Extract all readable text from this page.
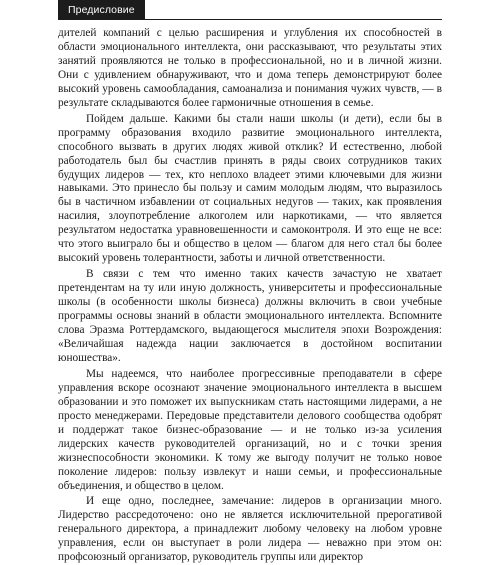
Предисловие

дителей компаний с целью расширения и углубления их способностей в области эмоционального интеллекта, они рассказывают, что результаты этих занятий проявляются не только в профессиональной, но и в личной жизни. Они с удивлением обнаруживают, что и дома теперь демонстрируют более высокий уровень самообладания, самоанализа и понимания чужих чувств, — в результате складываются более гармоничные отношения в семье.

Пойдем дальше. Какими бы стали наши школы (и дети), если бы в программу образования входило развитие эмоционального интеллекта, способного вызвать в других людях живой отклик? И естественно, любой работодатель был бы счастлив принять в ряды своих сотрудников таких будущих лидеров — тех, кто неплохо владеет этими ключевыми для жизни навыками. Это принесло бы пользу и самим молодым людям, что выразилось бы в частичном избавлении от социальных недугов — таких, как проявления насилия, злоупотребление алкоголем или наркотиками, — что является результатом недостатка уравновешенности и самоконтроля. И это еще не все: что этого выиграло бы и общество в целом — благом для него стал бы более высокий уровень толерантности, заботы и личной ответственности.

В связи с тем что именно таких качеств зачастую не хватает претендентам на ту или иную должность, университеты и профессиональные школы (в особенности школы бизнеса) должны включить в свои учебные программы основы знаний в области эмоционального интеллекта. Вспомните слова Эразма Роттердамского, выдающегося мыслителя эпохи Возрождения: «Величайшая надежда нации заключается в достойном воспитании юношества».

Мы надеемся, что наиболее прогрессивные преподаватели в сфере управления вскоре осознают значение эмоционального интеллекта в высшем образовании и это поможет их выпускникам стать настоящими лидерами, а не просто менеджерами. Передовые представители делового сообщества одобрят и поддержат такое бизнес-образование — и не только из-за усиления лидерских качеств руководителей организаций, но и с точки зрения жизнеспособности экономики. К тому же выгоду получит не только новое поколение лидеров: пользу извлекут и наши семьи, и профессиональные объединения, и общество в целом.

И еще одно, последнее, замечание: лидеров в организации много. Лидерство рассредоточено: оно не является исключительной прерогативой генерального директора, а принадлежит любому человеку на любом уровне управления, если он выступает в роли лидера — неважно при этом он: профсоюзный организатор, руководитель группы или директор
